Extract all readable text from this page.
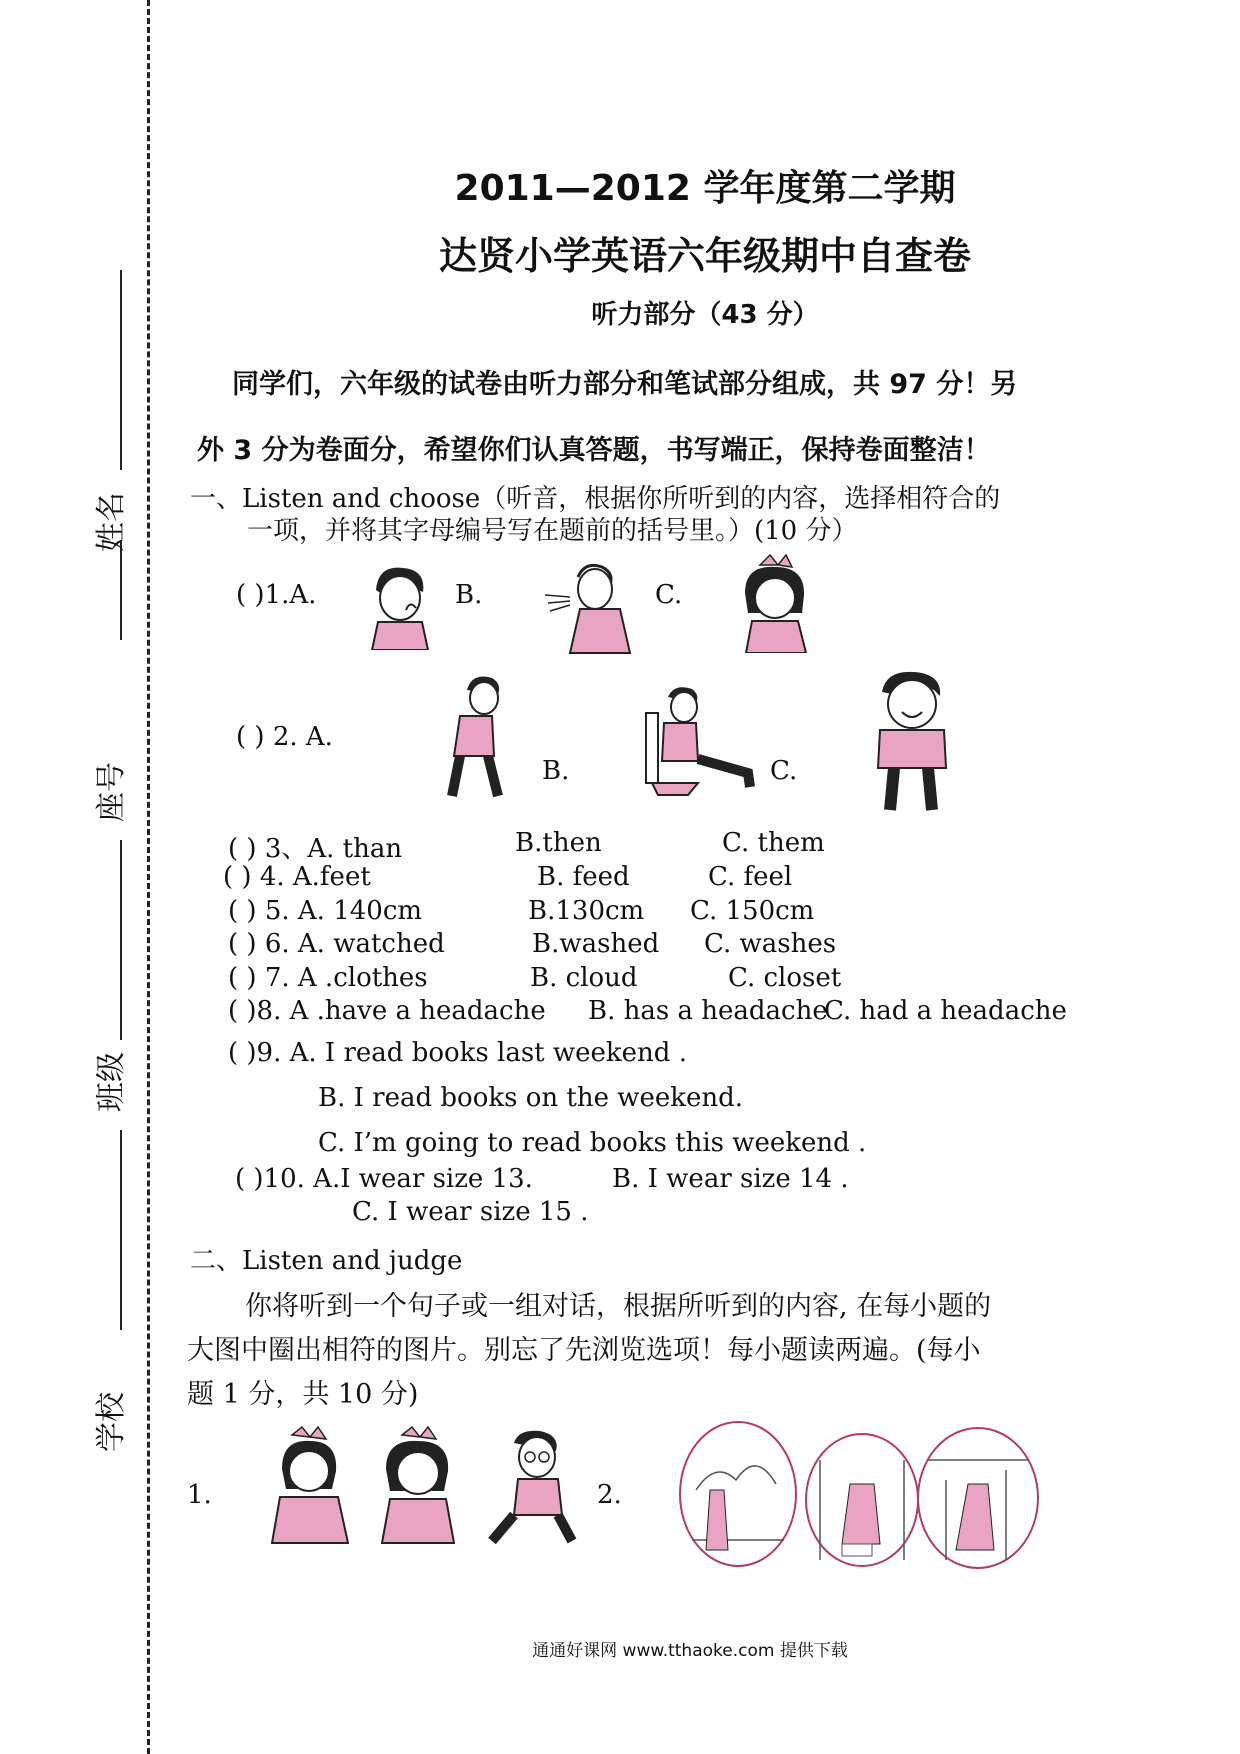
姓名
座号
班级
学校
2011—2012 学年度第二学期
达贤小学英语六年级期中自查卷
听力部分（43 分）
同学们，六年级的试卷由听力部分和笔试部分组成，共 97 分！另
外 3 分为卷面分，希望你们认真答题，书写端正，保持卷面整洁！
一、Listen and choose（听音，根据你所听到的内容，选择相符合的
一项，并将其字母编号写在题前的括号里。）(10 分）
( )1.A.	B.	C.
( ) 2. A.
B.	C.
( ) 3、A. than	B.then	C. them
( ) 4. A.feet	B. feed	C. feel
( ) 5. A. 140cm	B.130cm C. 150cm
( ) 6. A. watched	B.washed C. washes
( ) 7. A .clothes	B. cloud	C. closet
( )8. A .have a headache B. has a headache
C. had a headache
( )9. A. I read books last weekend .
B. I read books on the weekend.
C. I’m going to read books this weekend .
( )10. A.I wear size 13.	B. I wear size 14 .
C. I wear size 15 .
二、Listen and judge
你将听到一个句子或一组对话，根据所听到的内容, 在每小题的
大图中圈出相符的图片。别忘了先浏览选项！每小题读两遍。(每小
题 1 分，共 10 分)
1.	2.
通通好课网 www.tthaoke.com 提供下载
